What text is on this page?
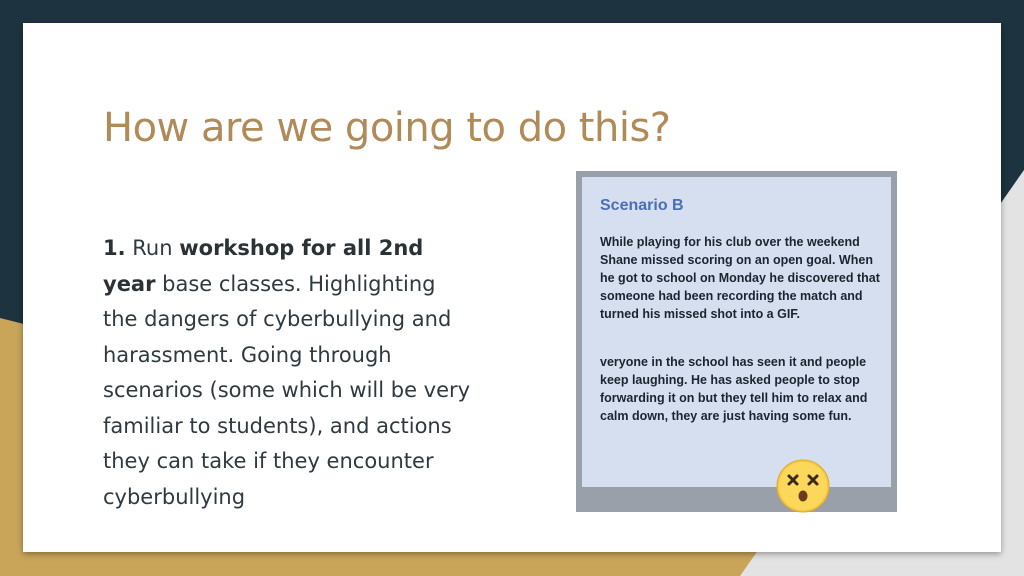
How are we going to do this?
1. Run workshop for all 2nd year base classes. Highlighting the dangers of cyberbullying and harassment. Going through scenarios (some which will be very familiar to students), and actions they can take if they encounter cyberbullying
Scenario B

While playing for his club over the weekend Shane missed scoring on an open goal. When he got to school on Monday he discovered that someone had been recording the match and turned his missed shot into a GIF.

veryone in the school has seen it and people keep laughing. He has asked people to stop forwarding it on but they tell him to relax and calm down, they are just having some fun.
